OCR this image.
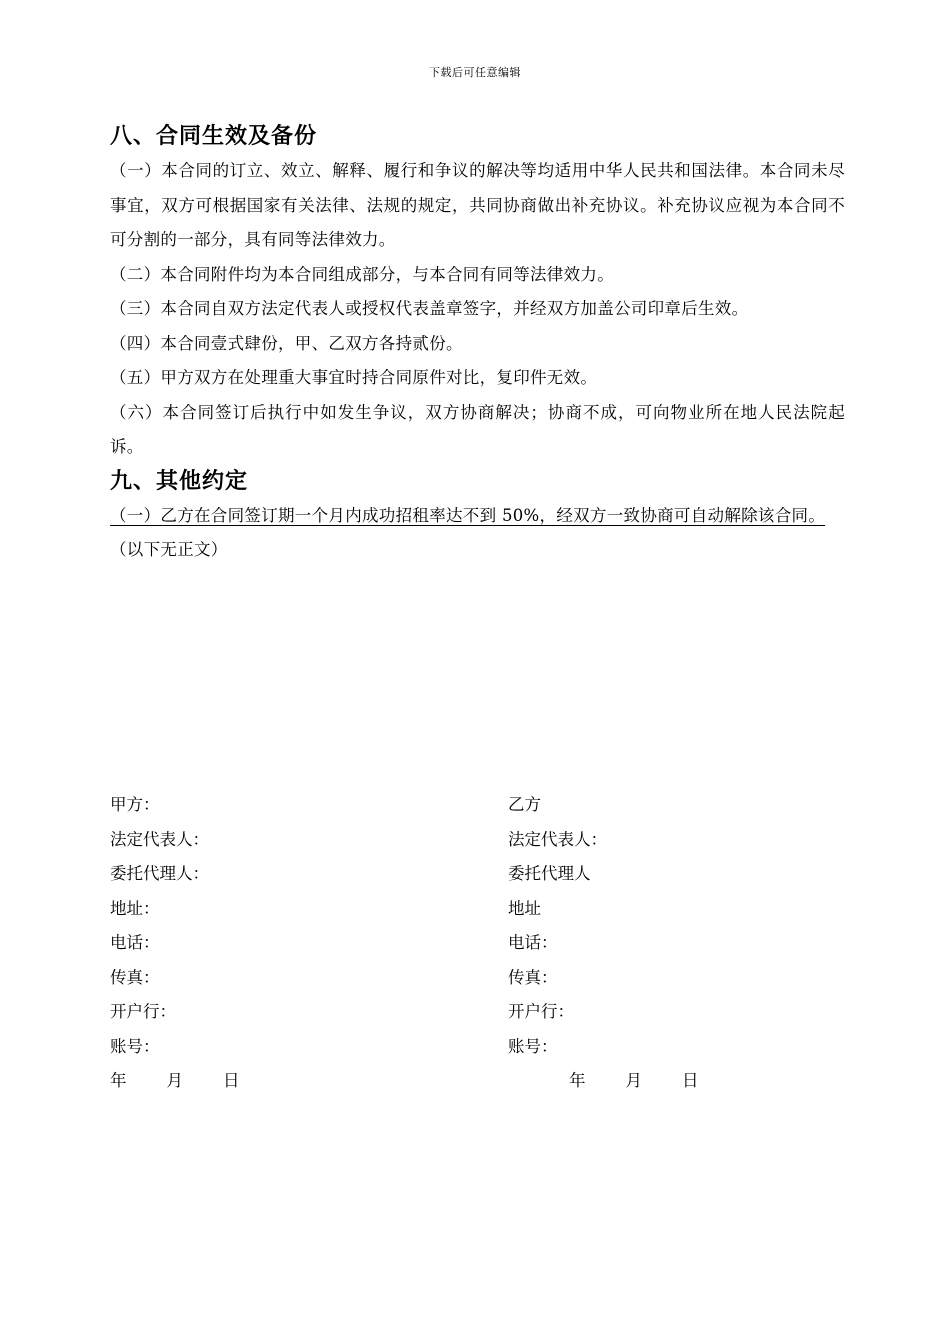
下载后可任意编辑
八、合同生效及备份

（一）本合同的订立、效立、解释、履行和争议的解决等均适用中华人民共和国法律。本合同未尽事宜，双方可根据国家有关法律、法规的规定，共同协商做出补充协议。补充协议应视为本合同不可分割的一部分，具有同等法律效力。

（二）本合同附件均为本合同组成部分，与本合同有同等法律效力。

（三）本合同自双方法定代表人或授权代表盖章签字，并经双方加盖公司印章后生效。

（四）本合同壹式肆份，甲、乙双方各持贰份。

（五）甲方双方在处理重大事宜时持合同原件对比，复印件无效。

（六）本合同签订后执行中如发生争议，双方协商解决；协商不成，可向物业所在地人民法院起诉。

九、其他约定

（一）乙方在合同签订期一个月内成功招租率达不到 50%，经双方一致协商可自动解除该合同。

（以下无正文）

甲方：

法定代表人：

委托代理人：

地址：

电话：

传真：

开户行：

账号：

年 月 日

乙方

法定代表人：

委托代理人

地址

电话：

传真：

开户行：

账号：

年 月 日
